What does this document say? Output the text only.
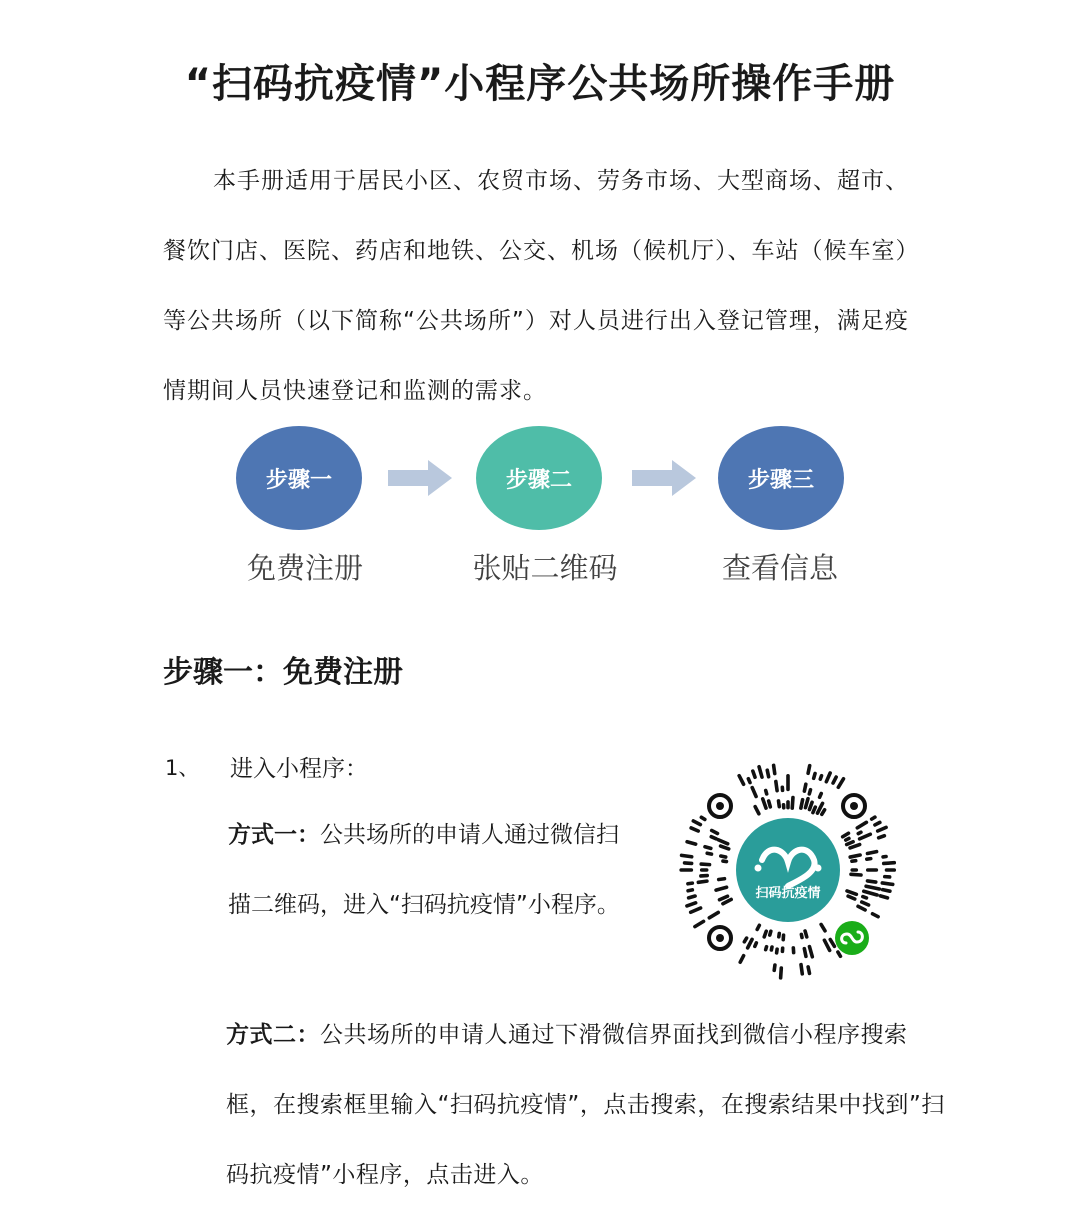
“扫码抗疫情”小程序公共场所操作手册
本手册适用于居民小区、农贸市场、劳务市场、大型商场、超市、餐饮门店、医院、药店和地铁、公交、机场（候机厅）、车站（候车室）等公共场所（以下简称“公共场所”）对人员进行出入登记管理，满足疫情期间人员快速登记和监测的需求。
步骤一	步骤二	步骤三
免费注册	张贴二维码	查看信息
步骤一：免费注册
1、 进入小程序：
方式一：公共场所的申请人通过微信扫描二维码，进入“扫码抗疫情”小程序。
方式二：公共场所的申请人通过下滑微信界面找到微信小程序搜索框，在搜索框里输入“扫码抗疫情”，点击搜索，在搜索结果中找到”扫码抗疫情”小程序，点击进入。
扫码抗疫情
